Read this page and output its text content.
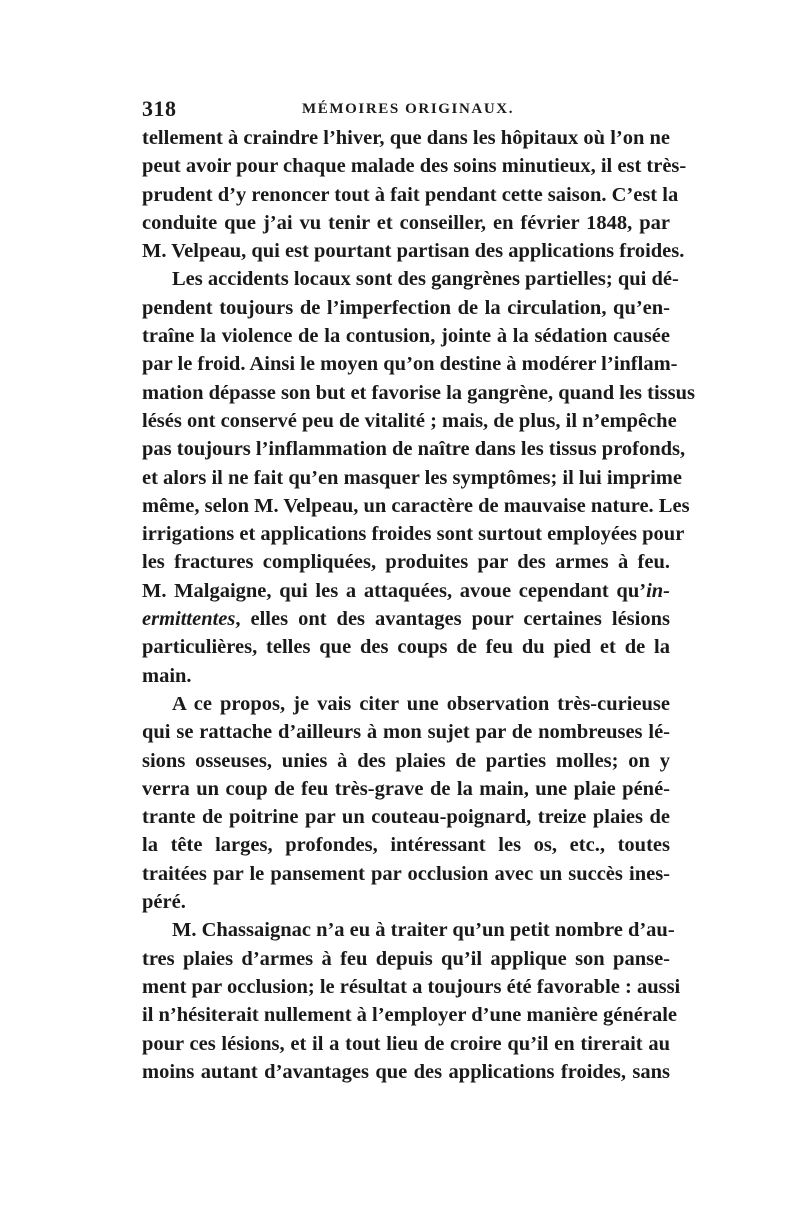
318	MÉMOIRES ORIGINAUX.
tellement à craindre l’hiver, que dans les hôpitaux où l’on ne
peut avoir pour chaque malade des soins minutieux, il est très-
prudent d’y renoncer tout à fait pendant cette saison. C’est la
conduite que j’ai vu tenir et conseiller, en février 1848, par
M. Velpeau, qui est pourtant partisan des applications froides.
Les accidents locaux sont des gangrènes partielles; qui dé-
pendent toujours de l’imperfection de la circulation, qu’en-
traîne la violence de la contusion, jointe à la sédation causée
par le froid. Ainsi le moyen qu’on destine à modérer l’inflam-
mation dépasse son but et favorise la gangrène, quand les tissus
lésés ont conservé peu de vitalité ; mais, de plus, il n’empêche
pas toujours l’inflammation de naître dans les tissus profonds,
et alors il ne fait qu’en masquer les symptômes; il lui imprime
même, selon M. Velpeau, un caractère de mauvaise nature. Les
irrigations et applications froides sont surtout employées pour
les fractures compliquées, produites par des armes à feu.
M. Malgaigne, qui les a attaquées, avoue cependant qu’in-
ermittentes, elles ont des avantages pour certaines lésions
particulières, telles que des coups de feu du pied et de la
main.
A ce propos, je vais citer une observation très-curieuse
qui se rattache d’ailleurs à mon sujet par de nombreuses lé-
sions osseuses, unies à des plaies de parties molles; on y
verra un coup de feu très-grave de la main, une plaie péné-
trante de poitrine par un couteau-poignard, treize plaies de
la tête larges, profondes, intéressant les os, etc., toutes
traitées par le pansement par occlusion avec un succès ines-
péré.
M. Chassaignac n’a eu à traiter qu’un petit nombre d’au-
tres plaies d’armes à feu depuis qu’il applique son panse-
ment par occlusion; le résultat a toujours été favorable : aussi
il n’hésiterait nullement à l’employer d’une manière générale
pour ces lésions, et il a tout lieu de croire qu’il en tirerait au
moins autant d’avantages que des applications froides, sans
